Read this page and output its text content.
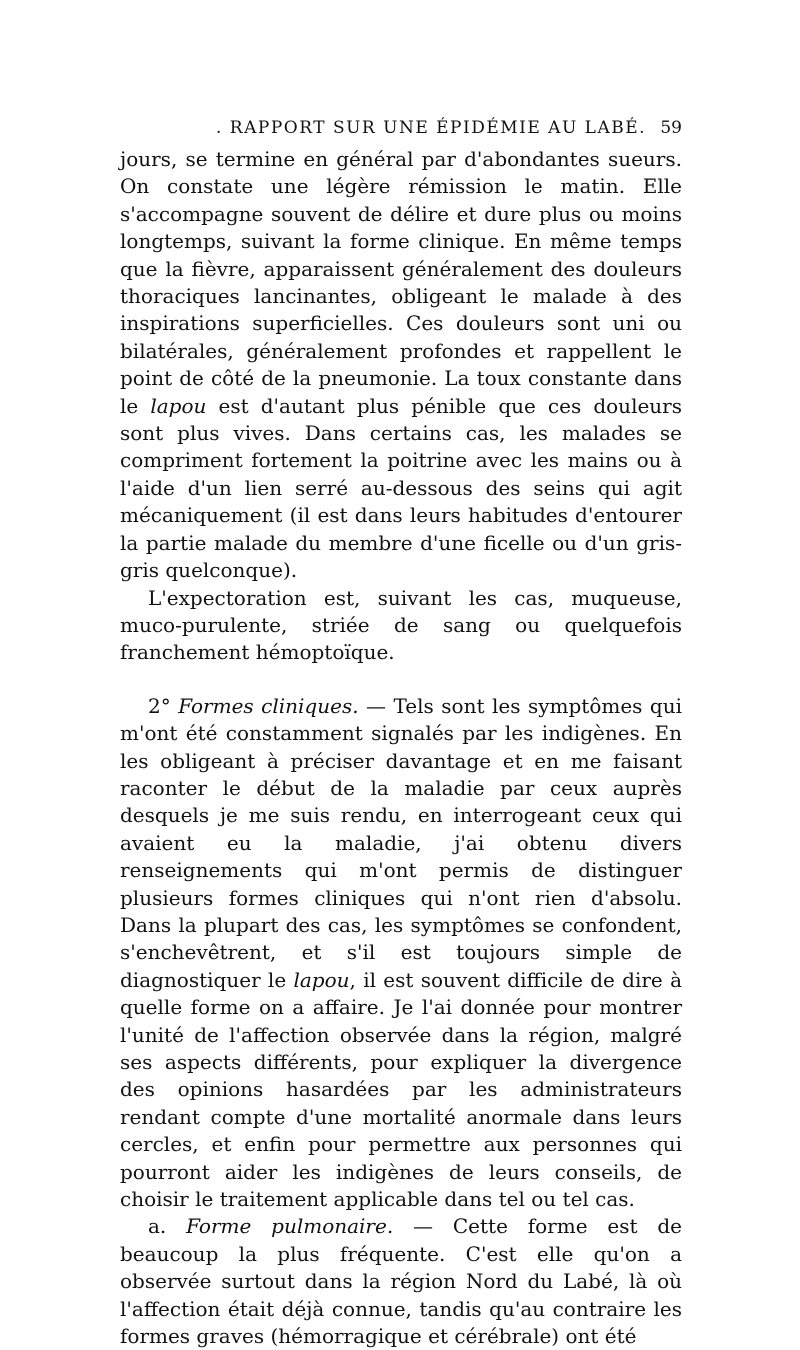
. RAPPORT SUR UNE ÉPIDÉMIE AU LABÉ. 59

jours, se termine en général par d'abondantes sueurs. On constate une légère rémission le matin. Elle s'accompagne souvent de délire et dure plus ou moins longtemps, suivant la forme clinique. En même temps que la fièvre, apparaissent généralement des douleurs thoraciques lancinantes, obligeant le malade à des inspirations superficielles. Ces douleurs sont uni ou bilatérales, généralement profondes et rappellent le point de côté de la pneumonie. La toux constante dans le lapou est d'autant plus pénible que ces douleurs sont plus vives. Dans certains cas, les malades se compriment fortement la poitrine avec les mains ou à l'aide d'un lien serré au-dessous des seins qui agit mécaniquement (il est dans leurs habitudes d'entourer la partie malade du membre d'une ficelle ou d'un gris-gris quelconque).

L'expectoration est, suivant les cas, muqueuse, muco-purulente, striée de sang ou quelquefois franchement hémoptoïque.

2° Formes cliniques. — Tels sont les symptômes qui m'ont été constamment signalés par les indigènes. En les obligeant à préciser davantage et en me faisant raconter le début de la maladie par ceux auprès desquels je me suis rendu, en interrogeant ceux qui avaient eu la maladie, j'ai obtenu divers renseignements qui m'ont permis de distinguer plusieurs formes cliniques qui n'ont rien d'absolu. Dans la plupart des cas, les symptômes se confondent, s'enchevêtrent, et s'il est toujours simple de diagnostiquer le lapou, il est souvent difficile de dire à quelle forme on a affaire. Je l'ai donnée pour montrer l'unité de l'affection observée dans la région, malgré ses aspects différents, pour expliquer la divergence des opinions hasardées par les administrateurs rendant compte d'une mortalité anormale dans leurs cercles, et enfin pour permettre aux personnes qui pourront aider les indigènes de leurs conseils, de choisir le traitement applicable dans tel ou tel cas.

a. Forme pulmonaire. — Cette forme est de beaucoup la plus fréquente. C'est elle qu'on a observée surtout dans la région Nord du Labé, là où l'affection était déjà connue, tandis qu'au contraire les formes graves (hémorragique et cérébrale) ont été
